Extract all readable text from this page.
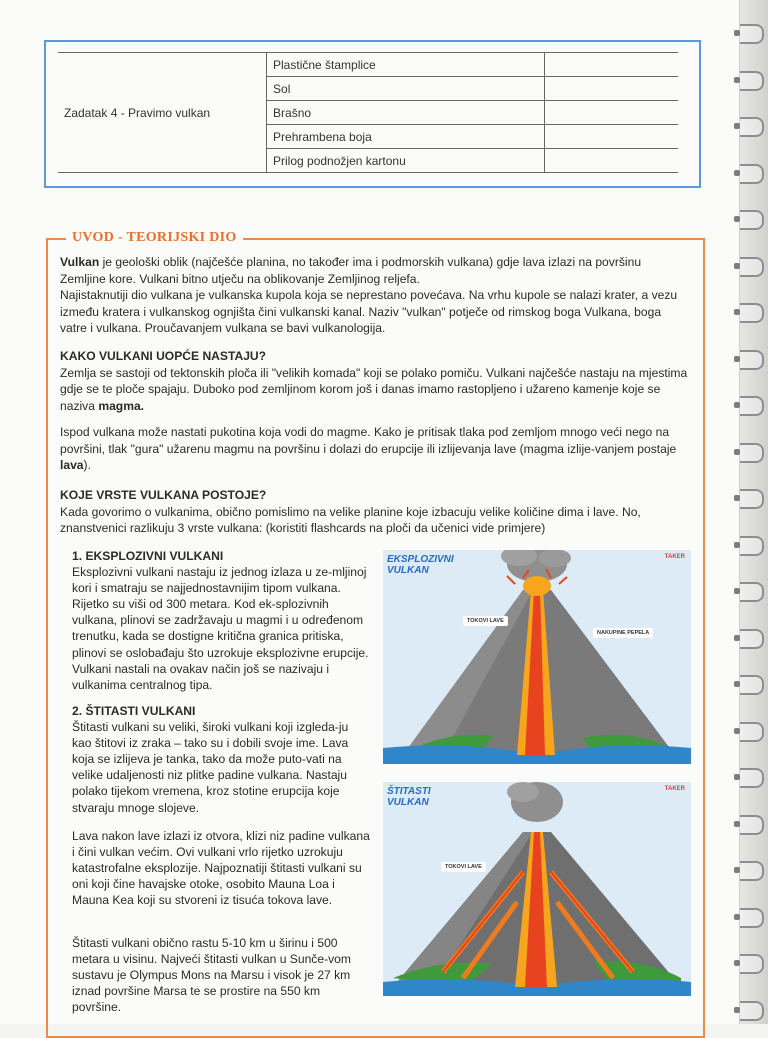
Zadatak 4 - Pravimo vulkan	Plastične štamplice	
	Sol	
	Brašno	
	Prehrambena boja	
	Prilog podnožjen kartonu	
UVOD - TEORIJSKI DIO

Vulkan je geološki oblik (najčešće planina, no također ima i podmorskih vulkana) gdje lava izlazi na površinu Zemljine kore. Vulkani bitno utječu na oblikovanje Zemljinog reljefa.

Najistaknutiji dio vulkana je vulkanska kupola koja se neprestano povećava. Na vrhu kupole se nalazi krater, a vezu između kratera i vulkanskog ognjišta čini vulkanski kanal. Naziv "vulkan" potječe od rimskog boga Vulkana, boga vatre i vulkana. Proučavanjem vulkana se bavi vulkanologija.

KAKO VULKANI UOPĆE NASTAJU?

Zemlja se sastoji od tektonskih ploča ili "velikih komada" koji se polako pomiču. Vulkani najčešće nastaju na mjestima gdje se te ploče spajaju. Duboko pod zemljinom korom još i danas imamo rastopljeno i užareno kamenje koje se naziva magma.

Ispod vulkana može nastati pukotina koja vodi do magme. Kako je pritisak tlaka pod zemljom mnogo veći nego na površini, tlak "gura" užarenu magmu na površinu i dolazi do erupcije ili izlijevanja lave (magma izlije-vanjem postaje lava).

KOJE VRSTE VULKANA POSTOJE?

Kada govorimo o vulkanima, obično pomislimo na velike planine koje izbacuju velike količine dima i lave. No, znanstvenici razlikuju 3 vrste vulkana: (koristiti flashcards na ploči da učenici vide primjere)

1. EKSPLOZIVNI VULKANI

Eksplozivni vulkani nastaju iz jednog izlaza u ze-mljinoj kori i smatraju se najjednostavnijim tipom vulkana. Rijetko su viši od 300 metara. Kod ek-splozivnih vulkana, plinovi se zadržavaju u magmi i u određenom trenutku, kada se dostigne kritična granica pritiska, plinovi se oslobađaju što uzrokuje eksplozivne erupcije. Vulkani nastali na ovakav način još se nazivaju i vulkanima centralnog tipa.

2. ŠTITASTI VULKANI

Štitasti vulkani su veliki, široki vulkani koji izgleda-ju kao štitovi iz zraka – tako su i dobili svoje ime. Lava koja se izlijeva je tanka, tako da može puto-vati na velike udaljenosti niz plitke padine vulkana. Nastaju polako tijekom vremena, kroz stotine erupcija koje stvaraju mnoge slojeve.

Lava nakon lave izlazi iz otvora, klizi niz padine vulkana i čini vulkan većim. Ovi vulkani vrlo rijetko uzrokuju katastrofalne eksplozije. Najpoznatiji štitasti vulkani su oni koji čine havajske otoke, osobito Mauna Loa i Mauna Kea koji su stvoreni iz tisuća tokova lave.

Štitasti vulkani obično rastu 5-10 km u širinu i 500 metara u visinu. Najveći štitasti vulkan u Sunče-vom sustavu je Olympus Mons na Marsu i visok je 27 km iznad površine Marsa te se prostire na 550 km površine.

EKSPLOZIVNI
VULKAN
TAKER
TOKOVI LAVE
NAKUPINE PEPELA
ŠTITASTI
VULKAN
TAKER
TOKOVI LAVE
